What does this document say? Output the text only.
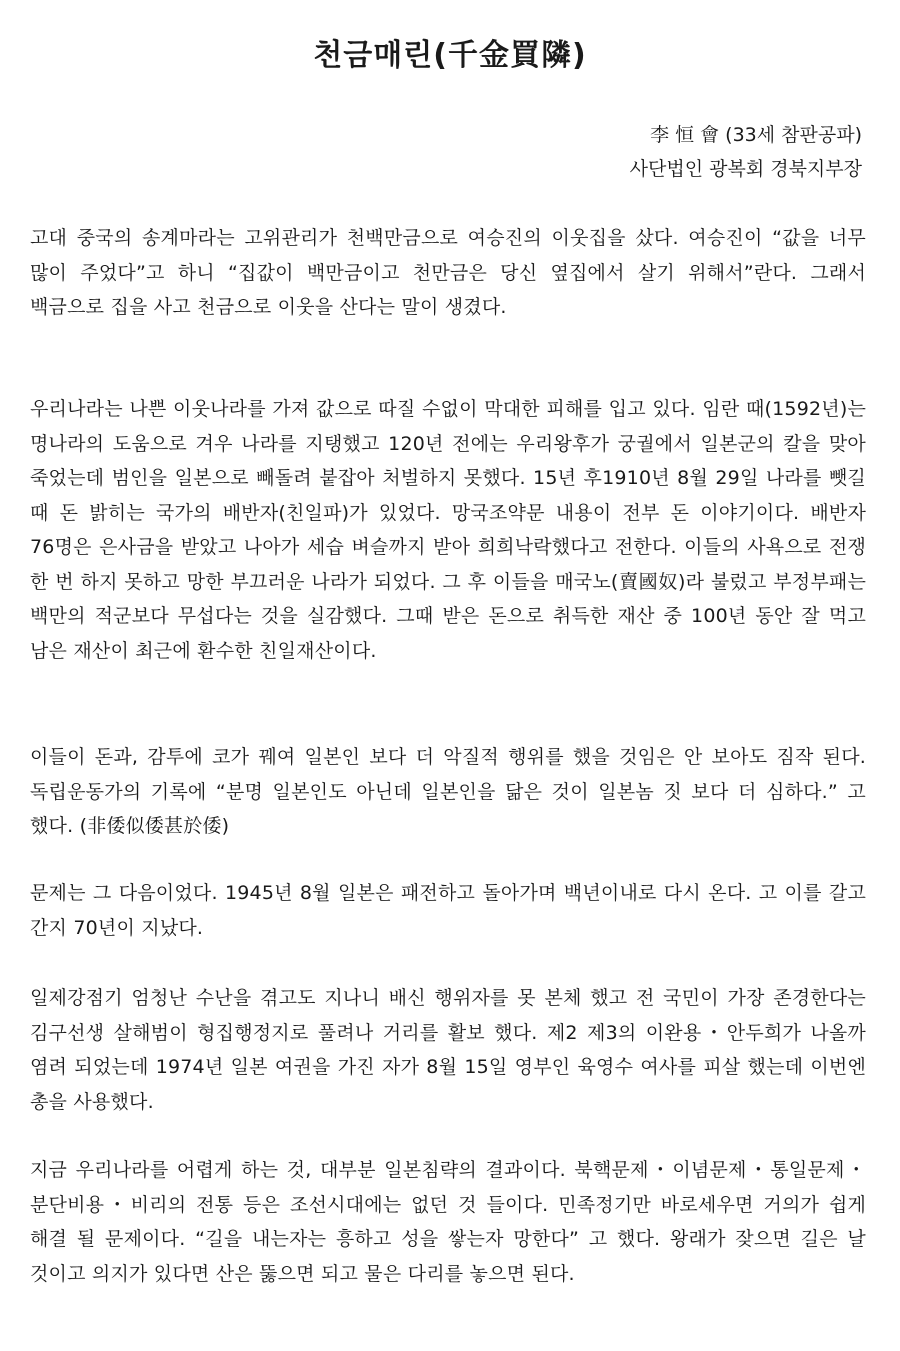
천금매린(千金買隣)
李 恒 會 (33세 참판공파)
사단법인 광복회 경북지부장

고대 중국의 송계마라는 고위관리가 천백만금으로 여승진의 이웃집을 샀다. 여승진이 “값을 너무 많이 주었다”고 하니 “집값이 백만금이고 천만금은 당신 옆집에서 살기 위해서”란다. 그래서 백금으로 집을 사고 천금으로 이웃을 산다는 말이 생겼다.

우리나라는 나쁜 이웃나라를 가져 값으로 따질 수없이 막대한 피해를 입고 있다. 임란 때(1592년)는 명나라의 도움으로 겨우 나라를 지탱했고 120년 전에는 우리왕후가 궁궐에서 일본군의 칼을 맞아 죽었는데 범인을 일본으로 빼돌려 붙잡아 처벌하지 못했다. 15년 후1910년 8월 29일 나라를 뺏길 때 돈 밝히는 국가의 배반자(친일파)가 있었다. 망국조약문 내용이 전부 돈 이야기이다. 배반자 76명은 은사금을 받았고 나아가 세습 벼슬까지 받아 희희낙락했다고 전한다. 이들의 사욕으로 전쟁 한 번 하지 못하고 망한 부끄러운 나라가 되었다. 그 후 이들을 매국노(賣國奴)라 불렀고 부정부패는 백만의 적군보다 무섭다는 것을 실감했다. 그때 받은 돈으로 취득한 재산 중 100년 동안 잘 먹고 남은 재산이 최근에 환수한 친일재산이다.

이들이 돈과, 감투에 코가 꿰여 일본인 보다 더 악질적 행위를 했을 것임은 안 보아도 짐작 된다. 독립운동가의 기록에 “분명 일본인도 아닌데 일본인을 닮은 것이 일본놈 짓 보다 더 심하다.” 고 했다. (非倭似倭甚於倭)

문제는 그 다음이었다. 1945년 8월 일본은 패전하고 돌아가며 백년이내로 다시 온다. 고 이를 갈고 간지 70년이 지났다.

일제강점기 엄청난 수난을 겪고도 지나니 배신 행위자를 못 본체 했고 전 국민이 가장 존경한다는 김구선생 살해범이 형집행정지로 풀려나 거리를 활보 했다. 제2 제3의 이완용・안두희가 나올까 염려 되었는데 1974년 일본 여권을 가진 자가 8월 15일 영부인 육영수 여사를 피살 했는데 이번엔 총을 사용했다.

지금 우리나라를 어렵게 하는 것, 대부분 일본침략의 결과이다. 북핵문제・이념문제・통일문제・분단비용・비리의 전통 등은 조선시대에는 없던 것 들이다. 민족정기만 바로세우면 거의가 쉽게 해결 될 문제이다. “길을 내는자는 흥하고 성을 쌓는자 망한다” 고 했다. 왕래가 잦으면 길은 날 것이고 의지가 있다면 산은 뚫으면 되고 물은 다리를 놓으면 된다.
